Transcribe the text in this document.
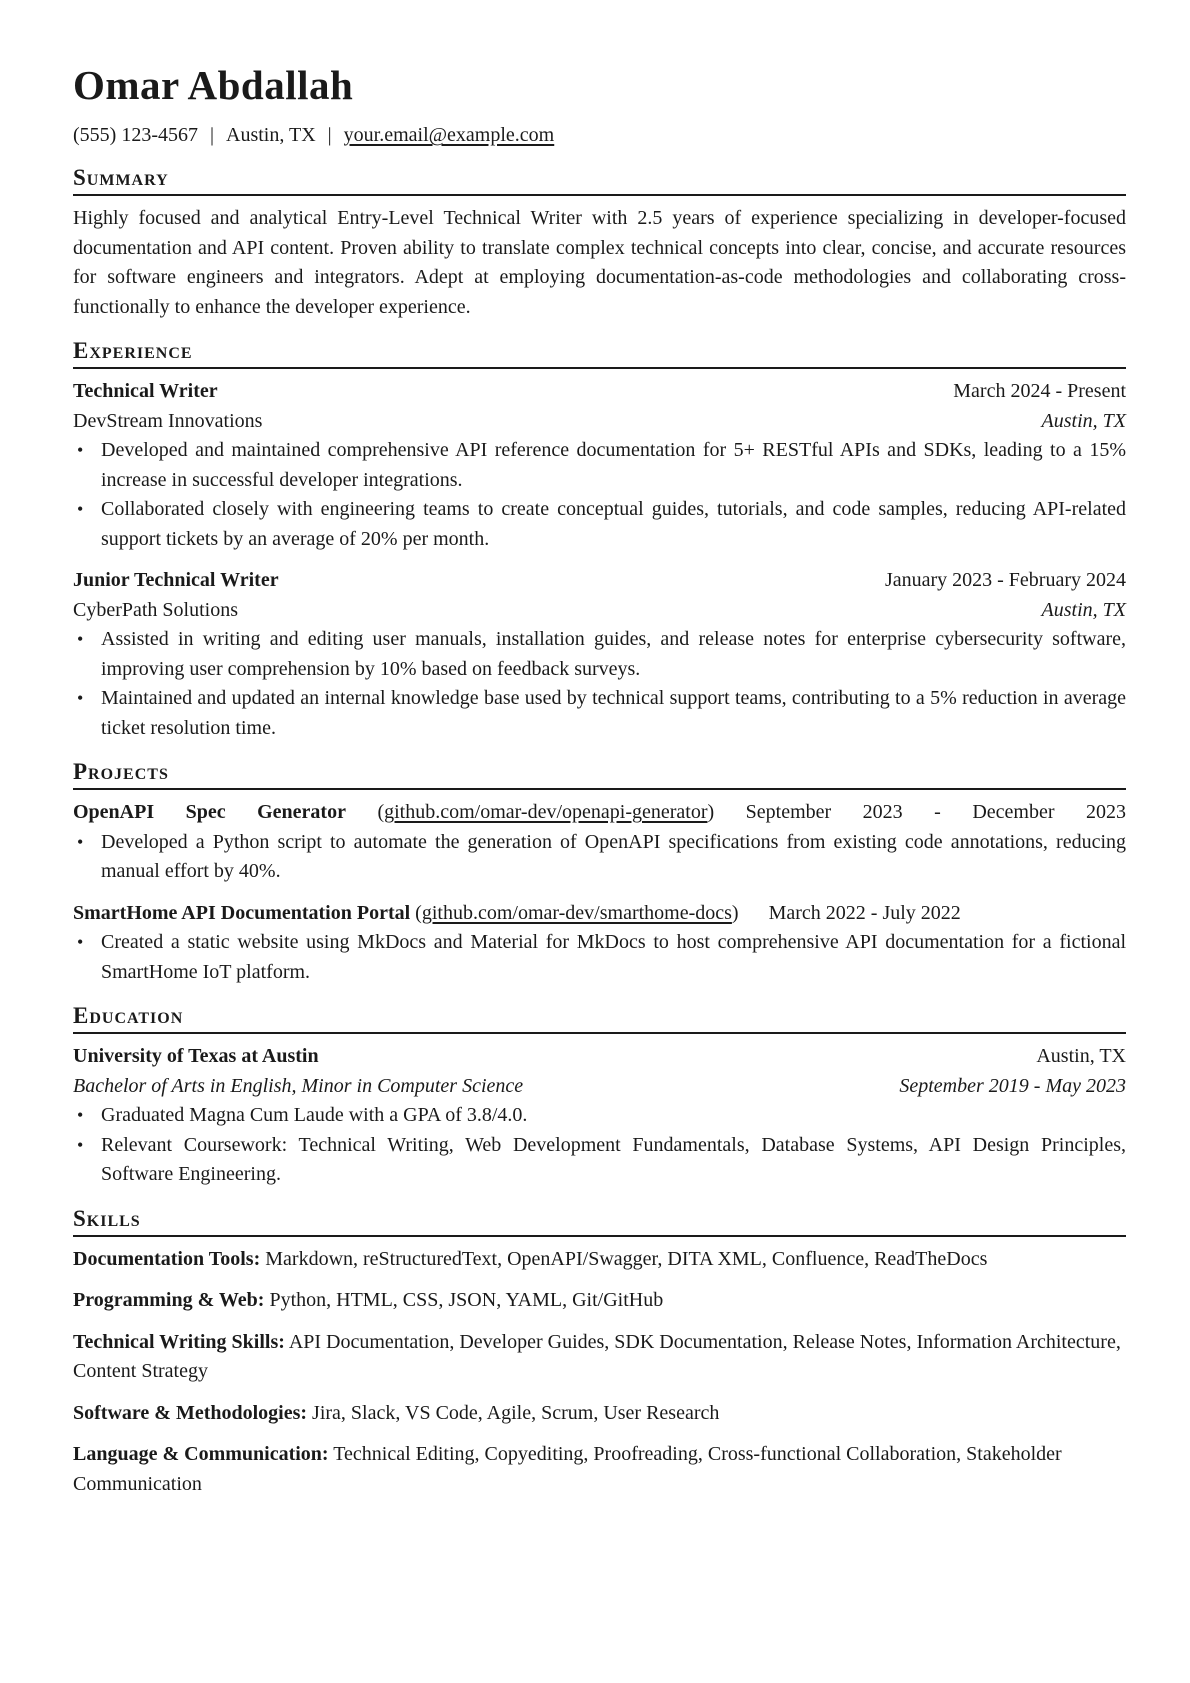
Omar Abdallah
(555) 123-4567 | Austin, TX | your.email@example.com
Summary

Highly focused and analytical Entry-Level Technical Writer with 2.5 years of experience specializing in developer-focused documentation and API content. Proven ability to translate complex technical concepts into clear, concise, and accurate resources for software engineers and integrators. Adept at employing documentation-as-code methodologies and collaborating cross-functionally to enhance the developer experience.

Experience
Technical Writer	March 2024 - Present
DevStream Innovations	Austin, TX
• Developed and maintained comprehensive API reference documentation for 5+ RESTful APIs and SDKs, leading to a 15% increase in successful developer integrations.
• Collaborated closely with engineering teams to create conceptual guides, tutorials, and code samples, reducing API-related support tickets by an average of 20% per month.
Junior Technical Writer	January 2023 - February 2024
CyberPath Solutions	Austin, TX
• Assisted in writing and editing user manuals, installation guides, and release notes for enterprise cybersecurity software, improving user comprehension by 10% based on feedback surveys.
• Maintained and updated an internal knowledge base used by technical support teams, contributing to a 5% reduction in average ticket resolution time.
Projects
OpenAPI Spec Generator (github.com/omar-dev/openapi-generator) September 2023 - December 2023
• Developed a Python script to automate the generation of OpenAPI specifications from existing code annotations, reducing manual effort by 40%.
SmartHome API Documentation Portal (github.com/omar-dev/smarthome-docs)      March 2022 - July 2022
• Created a static website using MkDocs and Material for MkDocs to host comprehensive API documentation for a fictional SmartHome IoT platform.
Education
University of Texas at Austin	Austin, TX
Bachelor of Arts in English, Minor in Computer Science	September 2019 - May 2023
• Graduated Magna Cum Laude with a GPA of 3.8/4.0.
• Relevant Coursework: Technical Writing, Web Development Fundamentals, Database Systems, API Design Principles, Software Engineering.
Skills
Documentation Tools: Markdown, reStructuredText, OpenAPI/Swagger, DITA XML, Confluence, ReadTheDocs
Programming & Web: Python, HTML, CSS, JSON, YAML, Git/GitHub
Technical Writing Skills: API Documentation, Developer Guides, SDK Documentation, Release Notes, Information Architecture, Content Strategy
Software & Methodologies: Jira, Slack, VS Code, Agile, Scrum, User Research
Language & Communication: Technical Editing, Copyediting, Proofreading, Cross-functional Collaboration, Stakeholder Communication
